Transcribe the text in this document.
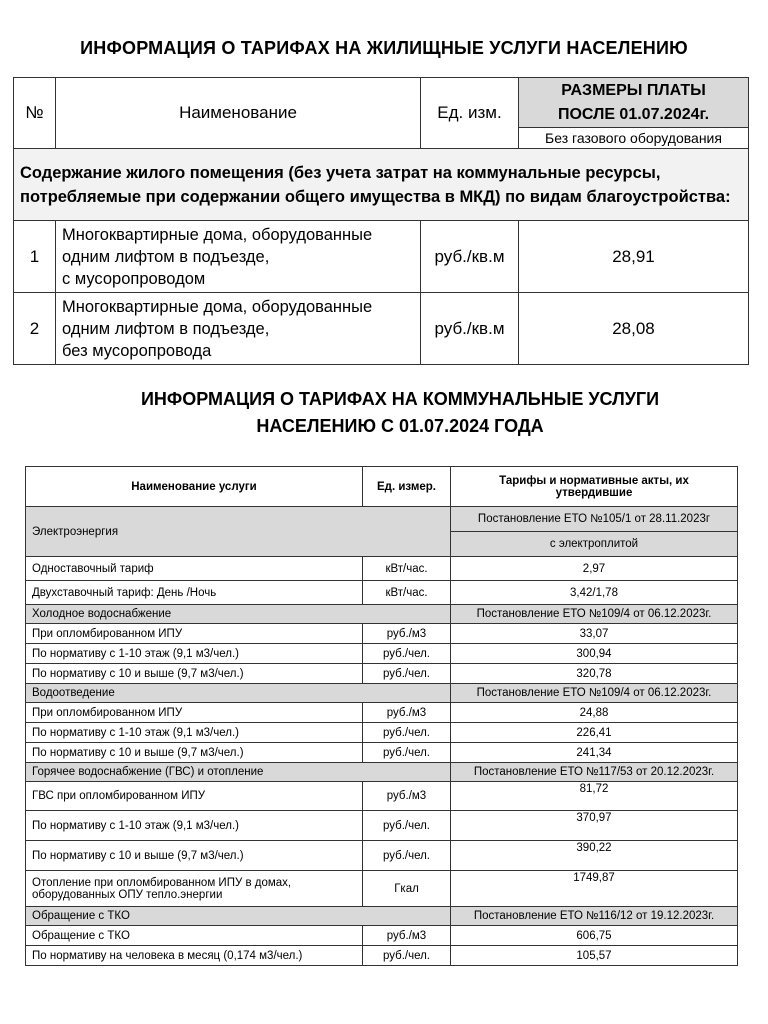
ИНФОРМАЦИЯ О ТАРИФАХ НА ЖИЛИЩНЫЕ УСЛУГИ НАСЕЛЕНИЮ
№	Наименование	Ед. изм.	РАЗМЕРЫ ПЛАТЫ
ПОСЛЕ 01.07.2024г.

			Без газового оборудования
Содержание жилого помещения (без учета затрат на коммунальные ресурсы, потребляемые при содержании общего имущества в МКД) по видам благоустройства:			
1	Многоквартирные дома, оборудованные
одним лифтом в подъезде,
с мусоропроводом	руб./кв.м	28,91
2	Многоквартирные дома, оборудованные
одним лифтом в подъезде,
без мусоропровода	руб./кв.м	28,08
ИНФОРМАЦИЯ О ТАРИФАХ НА КОММУНАЛЬНЫЕ УСЛУГИ
НАСЕЛЕНИЮ С 01.07.2024 ГОДА
Наименование услуги	Ед. измер.	Тарифы и нормативные акты, их
утвердившие

Электроэнергия		Постановление ЕТО №105/1 от 28.11.2023г
		с электроплитой
Одноставочный тариф	кВт/час.	2,97
Двухставочный тариф: День /Ночь	кВт/час.	3,42/1,78
Холодное водоснабжение		Постановление ЕТО №109/4 от 06.12.2023г.
При опломбированном ИПУ	руб./м3	33,07
По нормативу с 1-10 этаж (9,1 м3/чел.)	руб./чел.	300,94
По нормативу с 10 и выше (9,7 м3/чел.)	руб./чел.	320,78
Водоотведение		Постановление ЕТО №109/4 от 06.12.2023г.
При опломбированном ИПУ	руб./м3	24,88
По нормативу с 1-10 этаж (9,1 м3/чел.)	руб./чел.	226,41
По нормативу с 10 и выше (9,7 м3/чел.)	руб./чел.	241,34
Горячее водоснабжение (ГВС) и отопление		Постановление ЕТО №117/53 от 20.12.2023г.
ГВС при опломбированном ИПУ	руб./м3	81,72
По нормативу с 1-10 этаж (9,1 м3/чел.)	руб./чел.	370,97
По нормативу с 10 и выше (9,7 м3/чел.)	руб./чел.	390,22

Отопление при опломбированном ИПУ в домах,
оборудованных ОПУ тепло.энергии	Гкал	1749,87
Обращение с ТКО		Постановление ЕТО №116/12 от 19.12.2023г.
Обращение с ТКО	руб./м3	606,75
По нормативу на человека в месяц (0,174 м3/чел.)	руб./чел.	105,57
